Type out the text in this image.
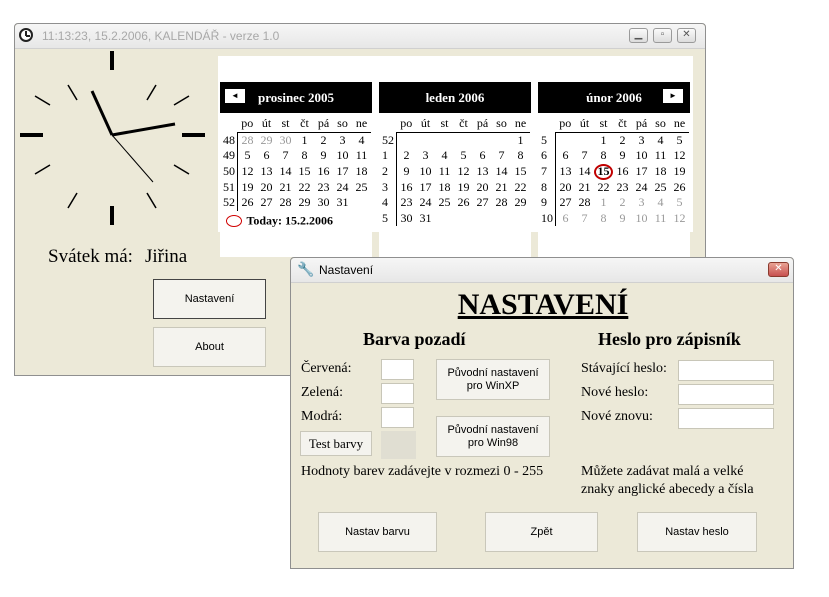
11:13:23, 15.2.2006, KALENDÁŘ - verze 1.0	▁	▫	✕
Svátek má: Jiřina
Nastavení
About
prosinec 2005
◄
	po	út	st	čt	pá	so	ne
48	28	29	30	1	2	3	4
49	5	6	7	8	9	10	11
50	12	13	14	15	16	17	18
51	19	20	21	22	23	24	25
52	26	27	28	29	30	31	
leden 2006
	po	út	st	čt	pá	so	ne
52							1
1	2	3	4	5	6	7	8
2	9	10	11	12	13	14	15
3	16	17	18	19	20	21	22
4	23	24	25	26	27	28	29
5	30	31					
únor 2006	►
	po	út	st	čt	pá	so	ne
5			1	2	3	4	5
6	6	7	8	9	10	11	12
7	13	14	15	16	17	18	19
8	20	21	22	23	24	25	26
9	27	28	1	2	3	4	5
10	6	7	8	9	10	11	12
Today: 15.2.2006
🔧 Nastavení	✕
NASTAVENÍ
Barva pozadí	Heslo pro zápisník
Červená:
Zelená:
Modrá:
Test barvy
Původní nastavení
pro WinXP
Původní nastavení
pro Win98
Stávající heslo:
Nové heslo:
Nové znovu:
Hodnoty barev zadávejte v rozmezi 0 - 255	Můžete zadávat malá a velké
znaky anglické abecedy a čísla
Nastav barvu	Zpět	Nastav heslo
